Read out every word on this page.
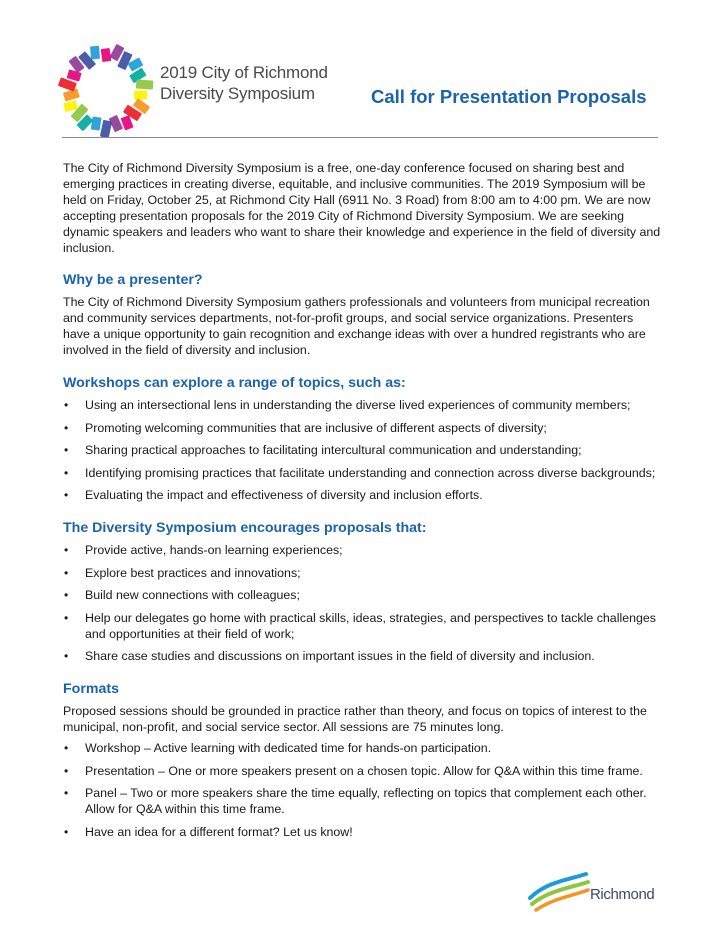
2019 City of Richmond
Diversity Symposium	Call for Presentation Proposals

The City of Richmond Diversity Symposium is a free, one-day conference focused on sharing best and emerging practices in creating diverse, equitable, and inclusive communities. The 2019 Symposium will be held on Friday, October 25, at Richmond City Hall (6911 No. 3 Road) from 8:00 am to 4:00 pm. We are now accepting presentation proposals for the 2019 City of Richmond Diversity Symposium. We are seeking dynamic speakers and leaders who want to share their knowledge and experience in the field of diversity and inclusion.

Why be a presenter?

The City of Richmond Diversity Symposium gathers professionals and volunteers from municipal recreation and community services departments, not-for-profit groups, and social service organizations. Presenters have a unique opportunity to gain recognition and exchange ideas with over a hundred registrants who are involved in the field of diversity and inclusion.

Workshops can explore a range of topics, such as:
• Using an intersectional lens in understanding the diverse lived experiences of community members;
• Promoting welcoming communities that are inclusive of different aspects of diversity;
• Sharing practical approaches to facilitating intercultural communication and understanding;
• Identifying promising practices that facilitate understanding and connection across diverse backgrounds;
• Evaluating the impact and effectiveness of diversity and inclusion efforts.
The Diversity Symposium encourages proposals that:
• Provide active, hands-on learning experiences;
• Explore best practices and innovations;
• Build new connections with colleagues;
• Help our delegates go home with practical skills, ideas, strategies, and perspectives to tackle challenges and opportunities at their field of work;
• Share case studies and discussions on important issues in the field of diversity and inclusion.
Formats

Proposed sessions should be grounded in practice rather than theory, and focus on topics of interest to the municipal, non-profit, and social service sector. All sessions are 75 minutes long.

• Workshop – Active learning with dedicated time for hands-on participation.
• Presentation – One or more speakers present on a chosen topic. Allow for Q&A within this time frame.
• Panel – Two or more speakers share the time equally, reflecting on topics that complement each other. Allow for Q&A within this time frame.
• Have an idea for a different format? Let us know!
Richmond
